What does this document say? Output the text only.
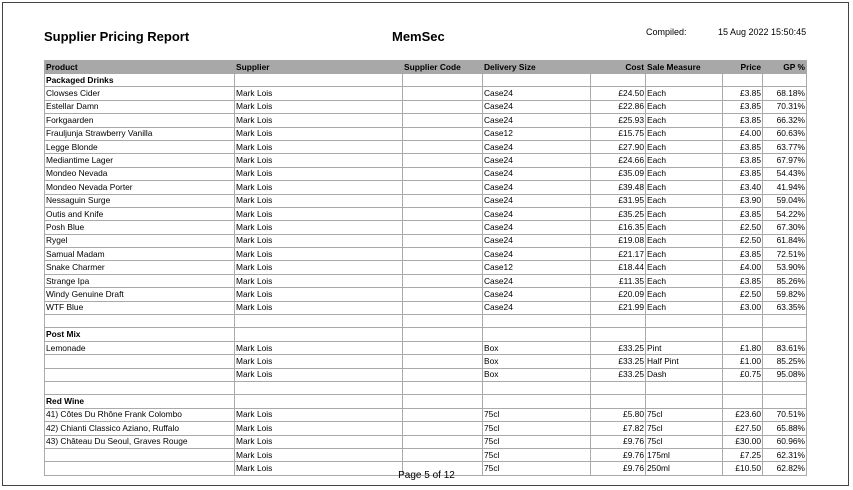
Supplier Pricing Report	MemSec	Compiled:	15 Aug 2022 15:50:45
Product	Supplier	Supplier Code	Delivery Size	Cost	Sale Measure	Price	GP %
Packaged Drinks							
Clowses Cider	Mark Lois		Case24	£24.50	Each	£3.85	68.18%
Estellar Damn	Mark Lois		Case24	£22.86	Each	£3.85	70.31%
Forkgaarden	Mark Lois		Case24	£25.93	Each	£3.85	66.32%
Frauljunja Strawberry Vanilla	Mark Lois		Case12	£15.75	Each	£4.00	60.63%
Legge Blonde	Mark Lois		Case24	£27.90	Each	£3.85	63.77%
Mediantime Lager	Mark Lois		Case24	£24.66	Each	£3.85	67.97%
Mondeo Nevada	Mark Lois		Case24	£35.09	Each	£3.85	54.43%
Mondeo Nevada Porter	Mark Lois		Case24	£39.48	Each	£3.40	41.94%
Nessaguin Surge	Mark Lois		Case24	£31.95	Each	£3.90	59.04%
Outis and Knife	Mark Lois		Case24	£35.25	Each	£3.85	54.22%
Posh Blue	Mark Lois		Case24	£16.35	Each	£2.50	67.30%
Rygel	Mark Lois		Case24	£19.08	Each	£2.50	61.84%
Samual Madam	Mark Lois		Case24	£21.17	Each	£3.85	72.51%
Snake Charmer	Mark Lois		Case12	£18.44	Each	£4.00	53.90%
Strange Ipa	Mark Lois		Case24	£11.35	Each	£3.85	85.26%
Windy Genuine Draft	Mark Lois		Case24	£20.09	Each	£2.50	59.82%
WTF Blue	Mark Lois		Case24	£21.99	Each	£3.00	63.35%

Post Mix							
Lemonade	Mark Lois		Box	£33.25	Pint	£1.80	83.61%
	Mark Lois		Box	£33.25	Half Pint	£1.00	85.25%
	Mark Lois		Box	£33.25	Dash	£0.75	95.08%

Red Wine							
41) Côtes Du Rhône Frank Colombo	Mark Lois		75cl	£5.80	75cl	£23.60	70.51%
42) Chianti Classico Aziano, Ruffalo	Mark Lois		75cl	£7.82	75cl	£27.50	65.88%
43) Château Du Seoul, Graves Rouge	Mark Lois		75cl	£9.76	75cl	£30.00	60.96%
	Mark Lois		75cl	£9.76	175ml	£7.25	62.31%
	Mark Lois		75cl	£9.76	250ml	£10.50	62.82%
Page 5 of 12
